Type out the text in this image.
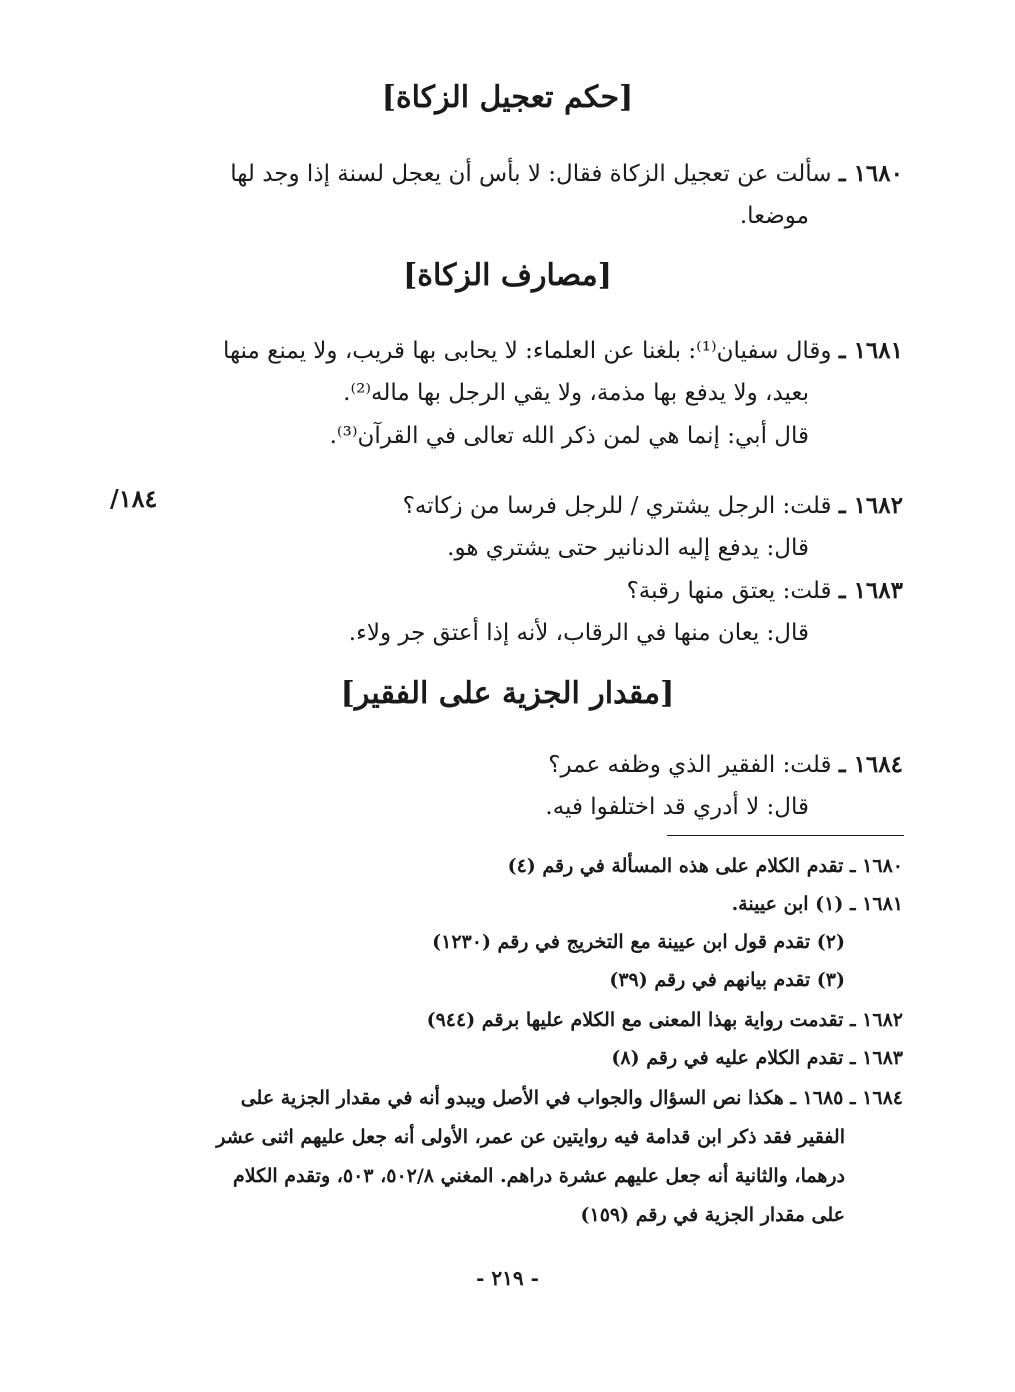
[حكم تعجيل الزكاة]
١٦٨٠ ـ سألت عن تعجيل الزكاة فقال: لا بأس أن يعجل لسنة إذا وجد لها
موضعا.
[مصارف الزكاة]
١٦٨١ ـ وقال سفيان⁽¹⁾: بلغنا عن العلماء: لا يحابى بها قريب، ولا يمنع منها
بعيد، ولا يدفع بها مذمة، ولا يقي الرجل بها ماله⁽²⁾.
قال أبي: إنما هي لمن ذكر الله تعالى في القرآن⁽³⁾.
١٨٤/	١٦٨٢ ـ قلت: الرجل يشتري / للرجل فرسا من زكاته؟
قال: يدفع إليه الدنانير حتى يشتري هو.
١٦٨٣ ـ قلت: يعتق منها رقبة؟
قال: يعان منها في الرقاب، لأنه إذا أعتق جر ولاء.
[مقدار الجزية على الفقير]
١٦٨٤ ـ قلت: الفقير الذي وظفه عمر؟
قال: لا أدري قد اختلفوا فيه.
١٦٨٠ ـ تقدم الكلام على هذه المسألة في رقم (٤)
١٦٨١ ـ (١) ابن عيينة.
(٢) تقدم قول ابن عيينة مع التخريج في رقم (١٢٣٠)
(٣) تقدم بيانهم في رقم (٣٩)
١٦٨٢ ـ تقدمت رواية بهذا المعنى مع الكلام عليها برقم (٩٤٤)
١٦٨٣ ـ تقدم الكلام عليه في رقم (٨)
١٦٨٤ ـ ١٦٨٥ ـ هكذا نص السؤال والجواب في الأصل ويبدو أنه في مقدار الجزية على
الفقير فقد ذكر ابن قدامة فيه روايتين عن عمر، الأولى أنه جعل عليهم اثنى عشر
درهما، والثانية أنه جعل عليهم عشرة دراهم. المغني ٥٠٢/٨، ٥٠٣، وتقدم الكلام
على مقدار الجزية في رقم (١٥٩)
- ٢١٩ -
